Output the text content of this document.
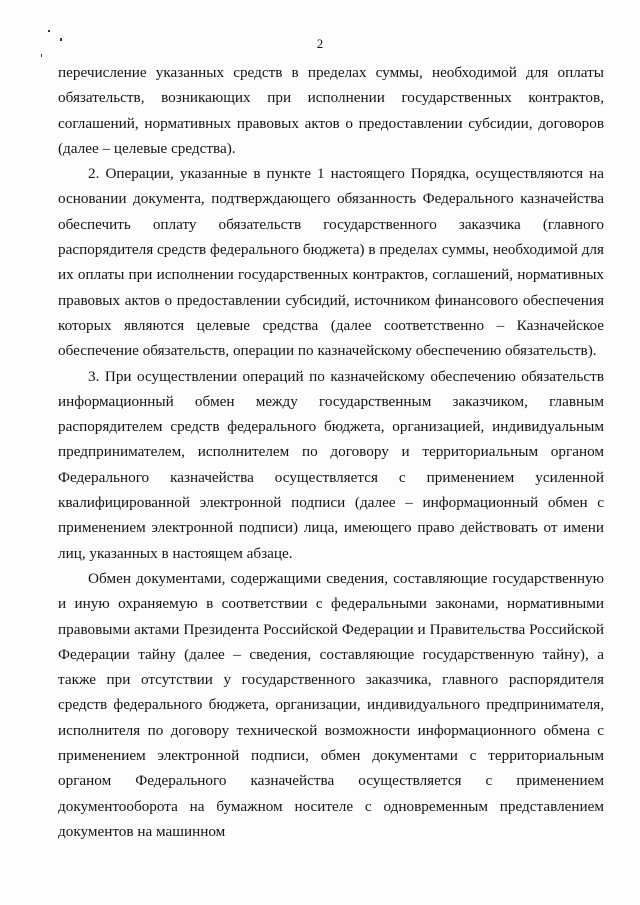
2

перечисление указанных средств в пределах суммы, необходимой для оплаты обязательств, возникающих при исполнении государственных контрактов, соглашений, нормативных правовых актов о предоставлении субсидии, договоров (далее – целевые средства).

2. Операции, указанные в пункте 1 настоящего Порядка, осуществляются на основании документа, подтверждающего обязанность Федерального казначейства обеспечить оплату обязательств государственного заказчика (главного распорядителя средств федерального бюджета) в пределах суммы, необходимой для их оплаты при исполнении государственных контрактов, соглашений, нормативных правовых актов о предоставлении субсидий, источником финансового обеспечения которых являются целевые средства (далее соответственно – Казначейское обеспечение обязательств, операции по казначейскому обеспечению обязательств).

3. При осуществлении операций по казначейскому обеспечению обязательств информационный обмен между государственным заказчиком, главным распорядителем средств федерального бюджета, организацией, индивидуальным предпринимателем, исполнителем по договору и территориальным органом Федерального казначейства осуществляется с применением усиленной квалифицированной электронной подписи (далее – информационный обмен с применением электронной подписи) лица, имеющего право действовать от имени лиц, указанных в настоящем абзаце.

Обмен документами, содержащими сведения, составляющие государственную и иную охраняемую в соответствии с федеральными законами, нормативными правовыми актами Президента Российской Федерации и Правительства Российской Федерации тайну (далее – сведения, составляющие государственную тайну), а также при отсутствии у государственного заказчика, главного распорядителя средств федерального бюджета, организации, индивидуального предпринимателя, исполнителя по договору технической возможности информационного обмена с применением электронной подписи, обмен документами с территориальным органом Федерального казначейства осуществляется с применением документооборота на бумажном носителе с одновременным представлением документов на машинном
